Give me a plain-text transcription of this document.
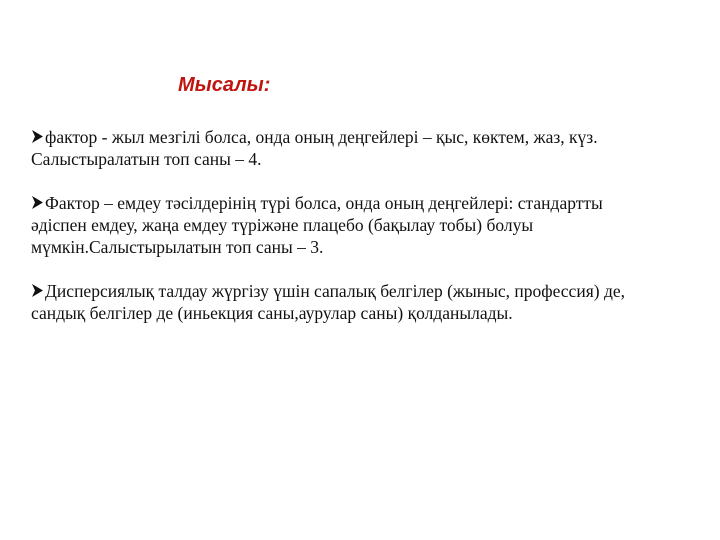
Мысалы:

фактор - жыл мезгілі болса, онда оның деңгейлері – қыс, көктем, жаз, күз.
Салыстыралатын топ саны – 4.

Фактор – емдеу тәсілдерінің түрі болса, онда оның деңгейлері: стандартты
әдіспен емдеу, жаңа емдеу түріжәне плацебо (бақылау тобы) болуы
мүмкін.Салыстырылатын топ саны – 3.

Дисперсиялық талдау жүргізу үшін сапалық белгілер (жыныс, профессия) де,
сандық белгілер де (иньекция саны,аурулар саны) қолданылады.
